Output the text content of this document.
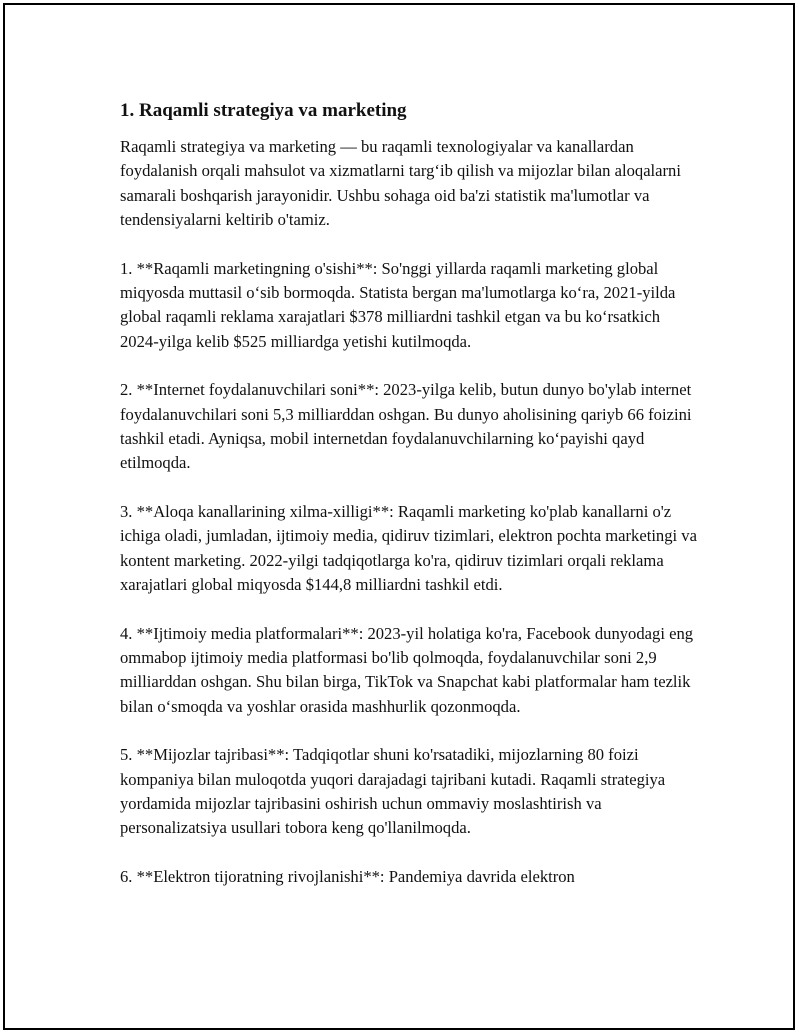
1. Raqamli strategiya va marketing

Raqamli strategiya va marketing — bu raqamli texnologiyalar va kanallardan foydalanish orqali mahsulot va xizmatlarni targ‘ib qilish va mijozlar bilan aloqalarni samarali boshqarish jarayonidir. Ushbu sohaga oid ba'zi statistik ma'lumotlar va tendensiyalarni keltirib o'tamiz.

1. **Raqamli marketingning o'sishi**: So'nggi yillarda raqamli marketing global miqyosda muttasil o‘sib bormoqda. Statista bergan ma'lumotlarga ko‘ra, 2021-yilda global raqamli reklama xarajatlari $378 milliardni tashkil etgan va bu ko‘rsatkich 2024-yilga kelib $525 milliardga yetishi kutilmoqda.

2. **Internet foydalanuvchilari soni**: 2023-yilga kelib, butun dunyo bo'ylab internet foydalanuvchilari soni 5,3 milliarddan oshgan. Bu dunyo aholisining qariyb 66 foizini tashkil etadi. Ayniqsa, mobil internetdan foydalanuvchilarning ko‘payishi qayd etilmoqda.

3. **Aloqa kanallarining xilma-xilligi**: Raqamli marketing ko'plab kanallarni o'z ichiga oladi, jumladan, ijtimoiy media, qidiruv tizimlari, elektron pochta marketingi va kontent marketing. 2022-yilgi tadqiqotlarga ko'ra, qidiruv tizimlari orqali reklama xarajatlari global miqyosda $144,8 milliardni tashkil etdi.

4. **Ijtimoiy media platformalari**: 2023-yil holatiga ko'ra, Facebook dunyodagi eng ommabop ijtimoiy media platformasi bo'lib qolmoqda, foydalanuvchilar soni 2,9 milliarddan oshgan. Shu bilan birga, TikTok va Snapchat kabi platformalar ham tezlik bilan o‘smoqda va yoshlar orasida mashhurlik qozonmoqda.

5. **Mijozlar tajribasi**: Tadqiqotlar shuni ko'rsatadiki, mijozlarning 80 foizi kompaniya bilan muloqotda yuqori darajadagi tajribani kutadi. Raqamli strategiya yordamida mijozlar tajribasini oshirish uchun ommaviy moslashtirish va personalizatsiya usullari tobora keng qo'llanilmoqda.

6. **Elektron tijoratning rivojlanishi**: Pandemiya davrida elektron
